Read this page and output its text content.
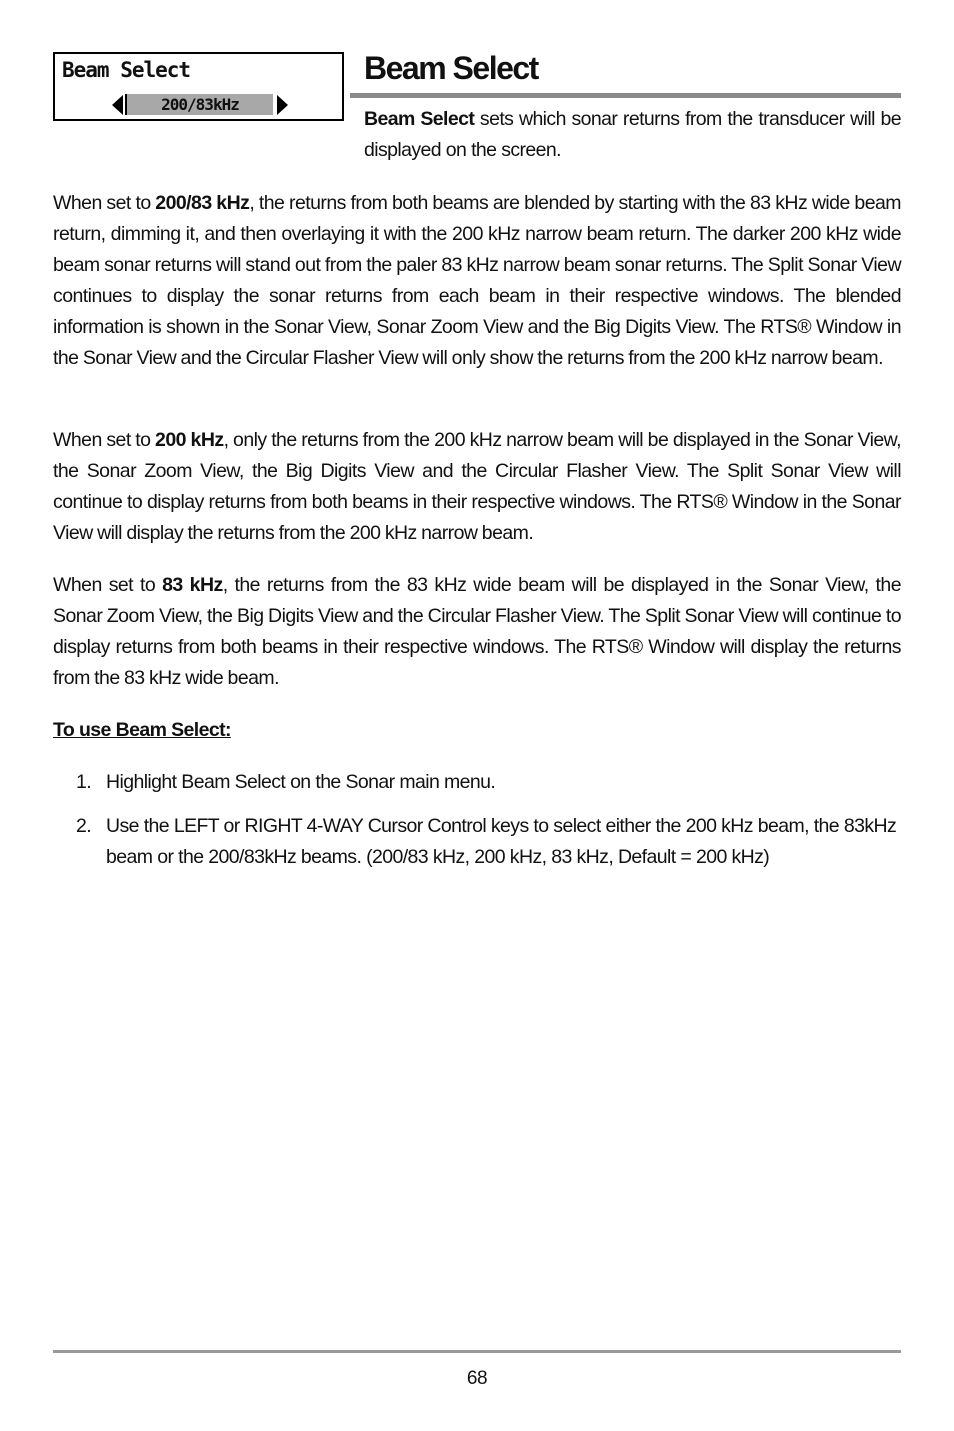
Beam Select
200/83kHz
Beam Select

Beam Select sets which sonar returns from the transducer will be displayed on the screen.

When set to 200/83 kHz, the returns from both beams are blended by starting with the 83 kHz wide beam return, dimming it, and then overlaying it with the 200 kHz narrow beam return. The darker 200 kHz wide beam sonar returns will stand out from the paler 83 kHz narrow beam sonar returns. The Split Sonar View continues to display the sonar returns from each beam in their respective windows. The blended information is shown in the Sonar View, Sonar Zoom View and the Big Digits View. The RTS® Window in the Sonar View and the Circular Flasher View will only show the returns from the 200 kHz narrow beam.

When set to 200 kHz, only the returns from the 200 kHz narrow beam will be displayed in the Sonar View, the Sonar Zoom View, the Big Digits View and the Circular Flasher View. The Split Sonar View will continue to display returns from both beams in their respective windows. The RTS® Window in the Sonar View will display the returns from the 200 kHz narrow beam.

When set to 83 kHz, the returns from the 83 kHz wide beam will be displayed in the Sonar View, the Sonar Zoom View, the Big Digits View and the Circular Flasher View. The Split Sonar View will continue to display returns from both beams in their respective windows. The RTS® Window will display the returns from the 83 kHz wide beam.

To use Beam Select:

1. Highlight Beam Select on the Sonar main menu.
2. Use the LEFT or RIGHT 4-WAY Cursor Control keys to select either the 200 kHz beam, the 83kHz beam or the 200/83kHz beams. (200/83 kHz, 200 kHz, 83 kHz, Default = 200 kHz)
68
